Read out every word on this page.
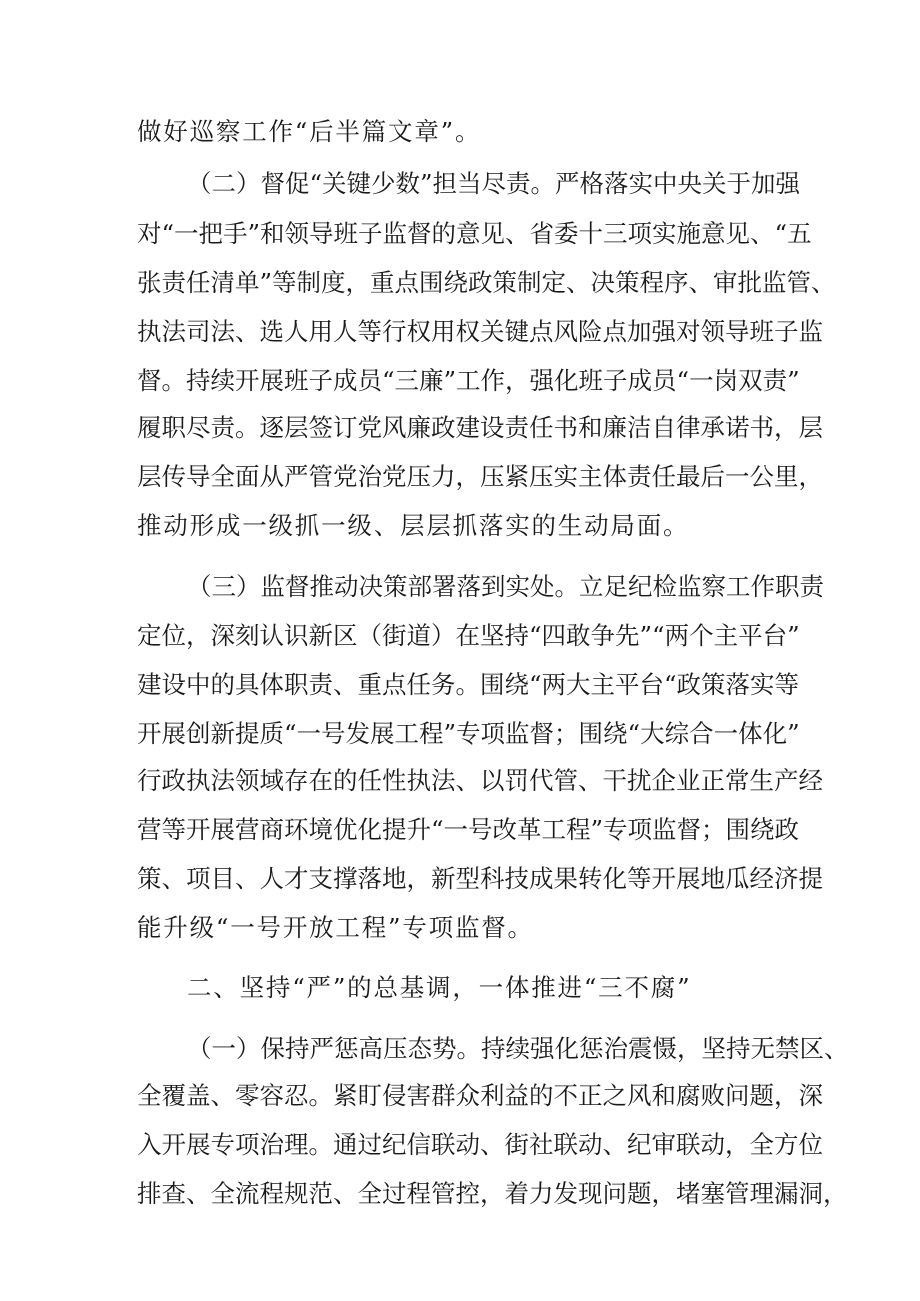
做好巡察工作“后半篇文章”。
（二）督促“关键少数”担当尽责。严格落实中央关于加强
对“一把手”和领导班子监督的意见、省委十三项实施意见、“五
张责任清单”等制度，重点围绕政策制定、决策程序、审批监管、
执法司法、选人用人等行权用权关键点风险点加强对领导班子监
督。持续开展班子成员“三廉”工作，强化班子成员“一岗双责”
履职尽责。逐层签订党风廉政建设责任书和廉洁自律承诺书，层
层传导全面从严管党治党压力，压紧压实主体责任最后一公里，
推动形成一级抓一级、层层抓落实的生动局面。
（三）监督推动决策部署落到实处。立足纪检监察工作职责
定位，深刻认识新区（街道）在坚持“四敢争先”“两个主平台”
建设中的具体职责、重点任务。围绕“两大主平台“政策落实等
开展创新提质“一号发展工程”专项监督；围绕“大综合一体化”
行政执法领域存在的任性执法、以罚代管、干扰企业正常生产经
营等开展营商环境优化提升“一号改革工程”专项监督；围绕政
策、项目、人才支撑落地，新型科技成果转化等开展地瓜经济提
能升级“一号开放工程”专项监督。
二、坚持“严”的总基调，一体推进“三不腐”
（一）保持严惩高压态势。持续强化惩治震慑，坚持无禁区、
全覆盖、零容忍。紧盯侵害群众利益的不正之风和腐败问题，深
入开展专项治理。通过纪信联动、街社联动、纪审联动，全方位
排查、全流程规范、全过程管控，着力发现问题，堵塞管理漏洞，
